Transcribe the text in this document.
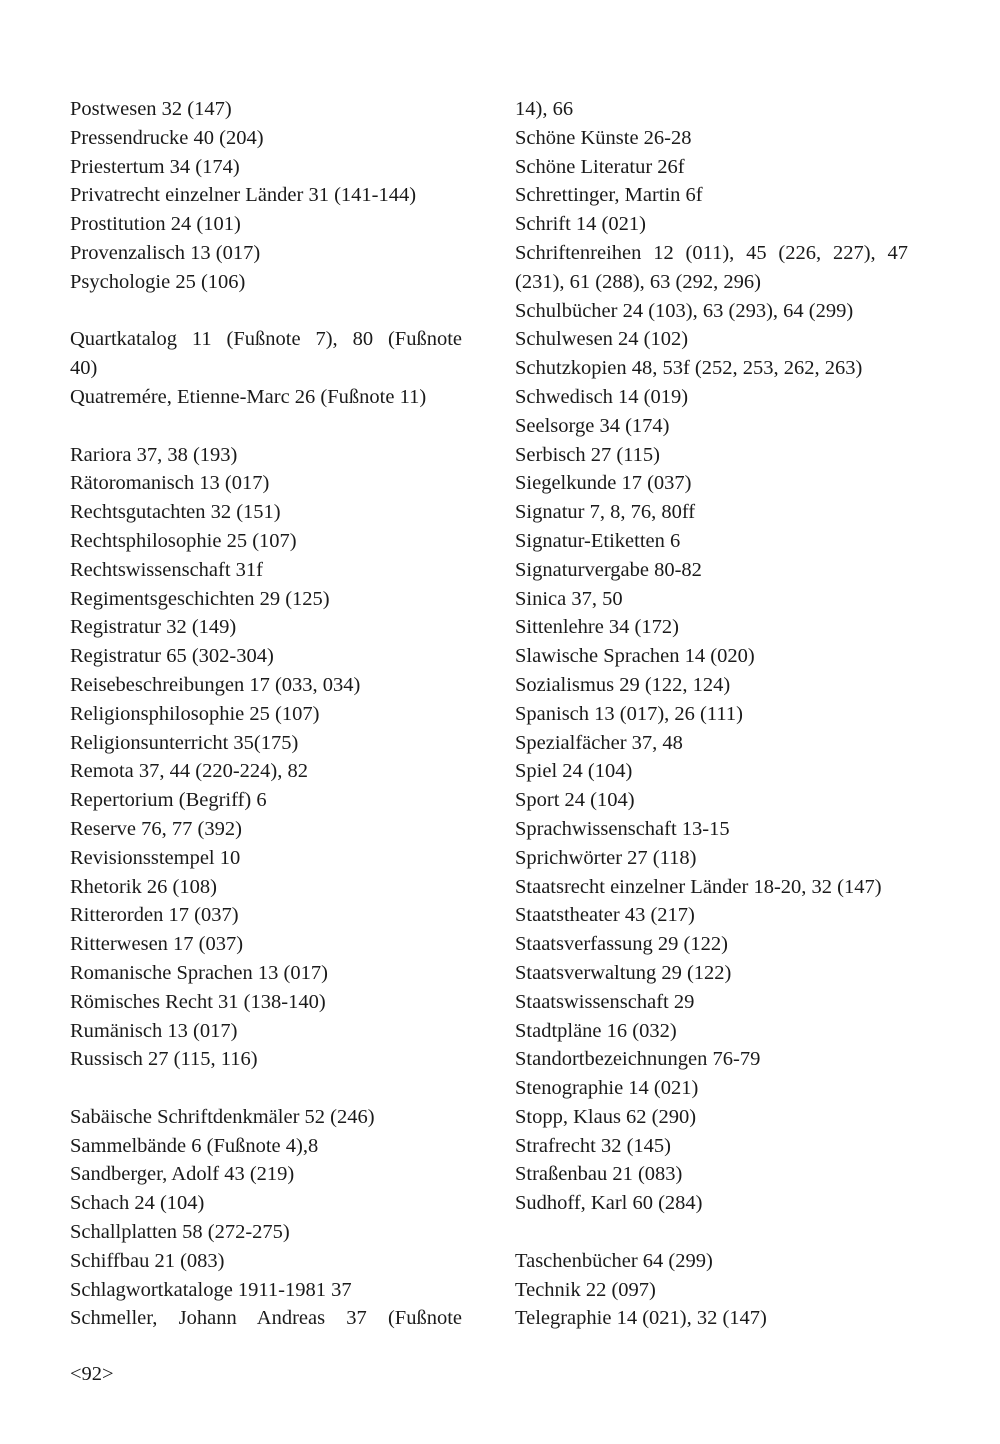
Postwesen 32 (147)
Pressendrucke 40 (204)
Priestertum 34 (174)
Privatrecht einzelner Länder 31 (141-144)
Prostitution 24 (101)
Provenzalisch 13 (017)
Psychologie 25 (106)
Quartkatalog 11 (Fußnote 7), 80 (Fußnote
40)
Quatremére, Etienne-Marc 26 (Fußnote 11)
Rariora 37, 38 (193)
Rätoromanisch 13 (017)
Rechtsgutachten 32 (151)
Rechtsphilosophie 25 (107)
Rechtswissenschaft 31f
Regimentsgeschichten 29 (125)
Registratur 32 (149)
Registratur 65 (302-304)
Reisebeschreibungen 17 (033, 034)
Religionsphilosophie 25 (107)
Religionsunterricht 35(175)
Remota 37, 44 (220-224), 82
Repertorium (Begriff) 6
Reserve 76, 77 (392)
Revisionsstempel 10
Rhetorik 26 (108)
Ritterorden 17 (037)
Ritterwesen 17 (037)
Romanische Sprachen 13 (017)
Römisches Recht 31 (138-140)
Rumänisch 13 (017)
Russisch 27 (115, 116)
Sabäische Schriftdenkmäler 52 (246)
Sammelbände 6 (Fußnote 4),8
Sandberger, Adolf 43 (219)
Schach 24 (104)
Schallplatten 58 (272-275)
Schiffbau 21 (083)
Schlagwortkataloge 1911-1981 37
Schmeller, Johann Andreas 37 (Fußnote
14), 66
Schöne Künste 26-28
Schöne Literatur 26f
Schrettinger, Martin 6f
Schrift 14 (021)
Schriftenreihen 12 (011), 45 (226, 227), 47
(231), 61 (288), 63 (292, 296)
Schulbücher 24 (103), 63 (293), 64 (299)
Schulwesen 24 (102)
Schutzkopien 48, 53f (252, 253, 262, 263)
Schwedisch 14 (019)
Seelsorge 34 (174)
Serbisch 27 (115)
Siegelkunde 17 (037)
Signatur 7, 8, 76, 80ff
Signatur-Etiketten 6
Signaturvergabe 80-82
Sinica 37, 50
Sittenlehre 34 (172)
Slawische Sprachen 14 (020)
Sozialismus 29 (122, 124)
Spanisch 13 (017), 26 (111)
Spezialfächer 37, 48
Spiel 24 (104)
Sport 24 (104)
Sprachwissenschaft 13-15
Sprichwörter 27 (118)
Staatsrecht einzelner Länder 18-20, 32 (147)
Staatstheater 43 (217)
Staatsverfassung 29 (122)
Staatsverwaltung 29 (122)
Staatswissenschaft 29
Stadtpläne 16 (032)
Standortbezeichnungen 76-79
Stenographie 14 (021)
Stopp, Klaus 62 (290)
Strafrecht 32 (145)
Straßenbau 21 (083)
Sudhoff, Karl 60 (284)
Taschenbücher 64 (299)
Technik 22 (097)
Telegraphie 14 (021), 32 (147)
<92>
